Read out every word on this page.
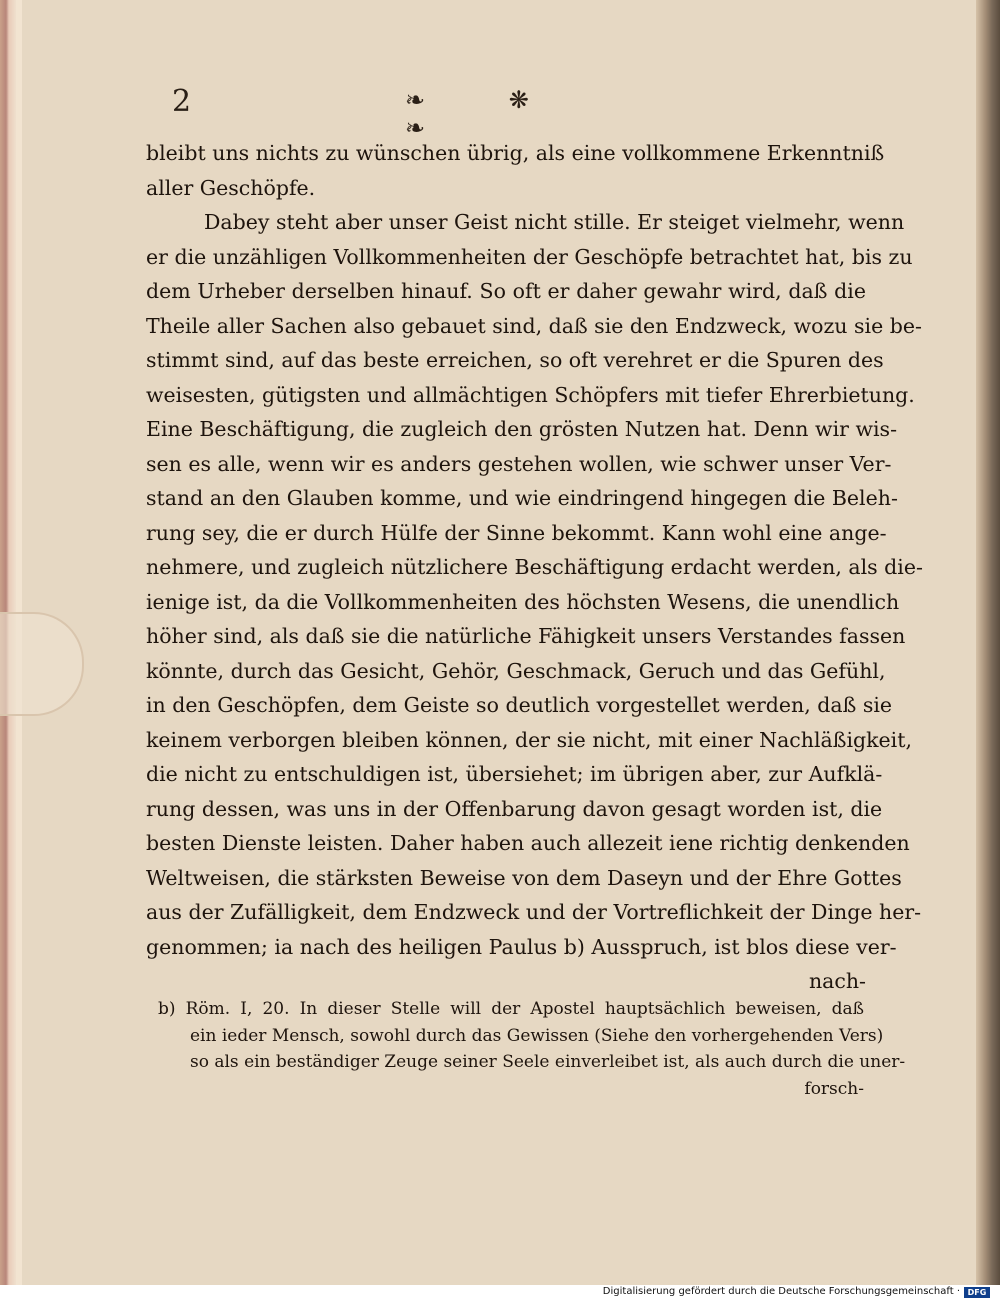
2	❧ ❋ ❧
bleibt uns nichts zu wünschen übrig, als eine vollkommene Erkenntniß
aller Geschöpfe.
Dabey steht aber unser Geist nicht stille. Er steiget vielmehr, wenn
er die unzähligen Vollkommenheiten der Geschöpfe betrachtet hat, bis zu
dem Urheber derselben hinauf. So oft er daher gewahr wird, daß die
Theile aller Sachen also gebauet sind, daß sie den Endzweck, wozu sie be-
stimmt sind, auf das beste erreichen, so oft verehret er die Spuren des
weisesten, gütigsten und allmächtigen Schöpfers mit tiefer Ehrerbietung.
Eine Beschäftigung, die zugleich den grösten Nutzen hat. Denn wir wis-
sen es alle, wenn wir es anders gestehen wollen, wie schwer unser Ver-
stand an den Glauben komme, und wie eindringend hingegen die Beleh-
rung sey, die er durch Hülfe der Sinne bekommt. Kann wohl eine ange-
nehmere, und zugleich nützlichere Beschäftigung erdacht werden, als die-
ienige ist, da die Vollkommenheiten des höchsten Wesens, die unendlich
höher sind, als daß sie die natürliche Fähigkeit unsers Verstandes fassen
könnte, durch das Gesicht, Gehör, Geschmack, Geruch und das Gefühl,
in den Geschöpfen, dem Geiste so deutlich vorgestellet werden, daß sie
keinem verborgen bleiben können, der sie nicht, mit einer Nachläßigkeit,
die nicht zu entschuldigen ist, übersiehet; im übrigen aber, zur Aufklä-
rung dessen, was uns in der Offenbarung davon gesagt worden ist, die
besten Dienste leisten. Daher haben auch allezeit iene richtig denkenden
Weltweisen, die stärksten Beweise von dem Daseyn und der Ehre Gottes
aus der Zufälligkeit, dem Endzweck und der Vortreflichkeit der Dinge her-
genommen; ia nach des heiligen Paulus b) Ausspruch, ist blos diese ver-
nach-
b) Röm. I, 20. In dieser Stelle will der Apostel hauptsächlich beweisen, daß
ein ieder Mensch, sowohl durch das Gewissen (Siehe den vorhergehenden Vers)
so als ein beständiger Zeuge seiner Seele einverleibet ist, als auch durch die uner-
forsch-
Digitalisierung gefördert durch die Deutsche Forschungsgemeinschaft · DFG
